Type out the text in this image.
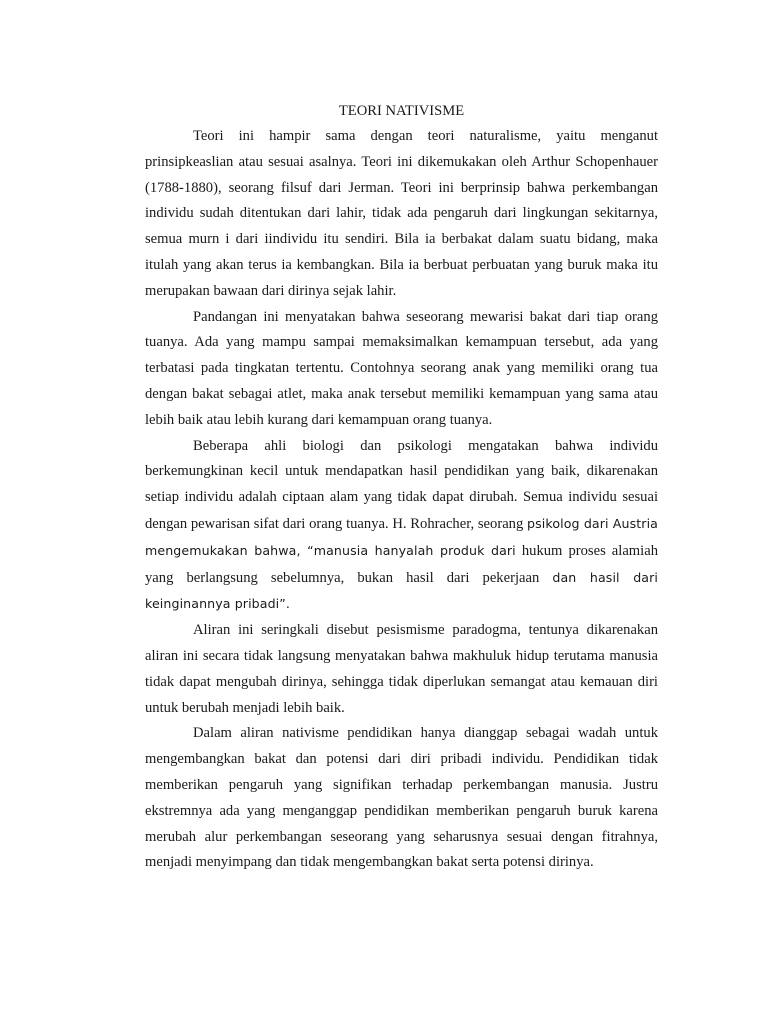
TEORI NATIVISME

Teori ini hampir sama dengan teori naturalisme, yaitu menganut prinsipkeaslian atau sesuai asalnya. Teori ini dikemukakan oleh Arthur Schopenhauer (1788-1880), seorang filsuf dari Jerman. Teori ini berprinsip bahwa perkembangan individu sudah ditentukan dari lahir, tidak ada pengaruh dari lingkungan sekitarnya, semua murn i dari iindividu itu sendiri. Bila ia berbakat dalam suatu bidang, maka itulah yang akan terus ia kembangkan. Bila ia berbuat perbuatan yang buruk maka itu merupakan bawaan dari dirinya sejak lahir.

Pandangan ini menyatakan bahwa seseorang mewarisi bakat dari tiap orang tuanya. Ada yang mampu sampai memaksimalkan kemampuan tersebut, ada yang terbatasi pada tingkatan tertentu. Contohnya seorang anak yang memiliki orang tua dengan bakat sebagai atlet, maka anak tersebut memiliki kemampuan yang sama atau lebih baik atau lebih kurang dari kemampuan orang tuanya.

Beberapa ahli biologi dan psikologi mengatakan bahwa individu berkemungkinan kecil untuk mendapatkan hasil pendidikan yang baik, dikarenakan setiap individu adalah ciptaan alam yang tidak dapat dirubah. Semua individu sesuai dengan pewarisan sifat dari orang tuanya. H. Rohracher, seorang psikolog dari Austria mengemukakan bahwa, “manusia hanyalah produk dari hukum proses alamiah yang berlangsung sebelumnya, bukan hasil dari pekerjaan dan hasil dari keinginannya pribadi”.

Aliran ini seringkali disebut pesismisme paradogma, tentunya dikarenakan aliran ini secara tidak langsung menyatakan bahwa makhuluk hidup terutama manusia tidak dapat mengubah dirinya, sehingga tidak diperlukan semangat atau kemauan diri untuk berubah menjadi lebih baik.

Dalam aliran nativisme pendidikan hanya dianggap sebagai wadah untuk mengembangkan bakat dan potensi dari diri pribadi individu. Pendidikan tidak memberikan pengaruh yang signifikan terhadap perkembangan manusia. Justru ekstremnya ada yang menganggap pendidikan memberikan pengaruh buruk karena merubah alur perkembangan seseorang yang seharusnya sesuai dengan fitrahnya, menjadi menyimpang dan tidak mengembangkan bakat serta potensi dirinya.
